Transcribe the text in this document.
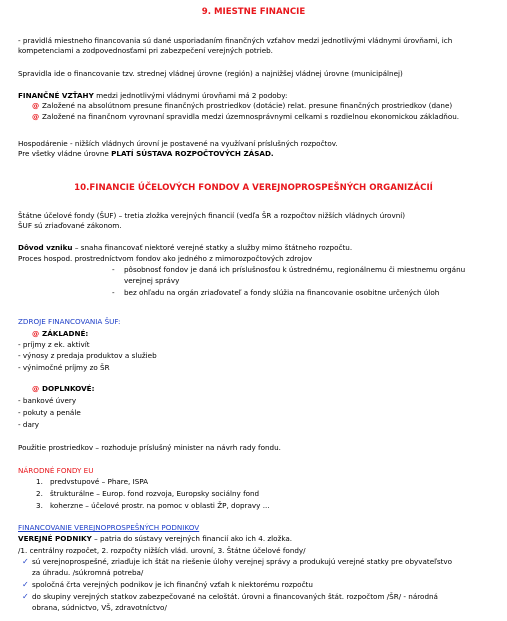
9. MIESTNE FINANCIE
- pravidlá miestneho financovania sú dané usporiadaním finančných vzťahov medzi jednotlivými vládnymi úrovňami, ich
kompetenciami a zodpovednosťami pri zabezpečení verejných potrieb.
Spravidla ide o financovanie tzv. strednej vládnej úrovne (región) a najnižšej vládnej úrovne (municipálnej)
FINANČNÉ VZŤAHY medzi jednotlivými vládnymi úrovňami má 2 podoby:
@ Založené na absolútnom presune finančných prostriedkov (dotácie) relat. presune finančných prostriedkov (dane)
@ Založené na finančnom vyrovnaní spravidla medzi územnosprávnymi celkami s rozdielnou ekonomickou základňou.
Hospodárenie - nižších vládnych úrovní je postavené na využívaní príslušných rozpočtov.
Pre všetky vládne úrovne PLATÍ SÚSTAVA ROZPOČTOVÝCH ZÁSAD.
10.FINANCIE ÚČELOVÝCH FONDOV A VEREJNOPROSPEŠNÝCH ORGANIZÁCIÍ
Štátne účelové fondy (ŠUF) – tretia zložka verejných financií (vedľa ŠR a rozpočtov nižších vládnych úrovní)
ŠUF sú zriaďované zákonom.
Dôvod vzniku – snaha financovať niektoré verejné statky a služby mimo štátneho rozpočtu.
Proces hospod. prostredníctvom fondov ako jedného z mimorozpočtových zdrojov
- pôsobnosť fondov je daná ich príslušnosťou k ústrednému, regionálnemu či miestnemu orgánu
verejnej správy
- bez ohľadu na orgán zriaďovateľ a fondy slúžia na financovanie osobitne určených úloh
ZDROJE FINANCOVANIA ŠUF:
@ ZÁKLADNÉ:
- príjmy z ek. aktivít
- výnosy z predaja produktov a služieb
- výnimočné príjmy zo ŠR
@ DOPLNKOVÉ:
- bankové úvery
- pokuty a penále
- dary
Použitie prostriedkov – rozhoduje príslušný minister na návrh rady fondu.
NÁRODNÉ FONDY EU
1. predvstupové – Phare, ISPA
2. štrukturálne – Europ. fond rozvoja, Europsky sociálny fond
3. koherzne – účelové prostr. na pomoc v oblasti ŽP, dopravy ...
FINANCOVANIE VEREJNOPROSPEŠNÝCH PODNIKOV
VEREJNÉ PODNIKY – patria do sústavy verejných financií ako ich 4. zložka.
/1. centrálny rozpočet, 2. rozpočty nižších vlád. urovní, 3. Štátne účelové fondy/
✓ sú verejnoprospešné, zriaďuje ich štát na riešenie úlohy verejnej správy a produkujú verejné statky pre obyvateľstvo
za úhradu. /súkromná potreba/
✓ spoločná črta verejných podnikov je ich finančný vzťah k niektorému rozpočtu
✓ do skupiny verejných statkov zabezpečované na celoštát. úrovni a financovaných štát. rozpočtom /ŠR/ - národná
obrana, súdnictvo, VŠ, zdravotníctvo/
